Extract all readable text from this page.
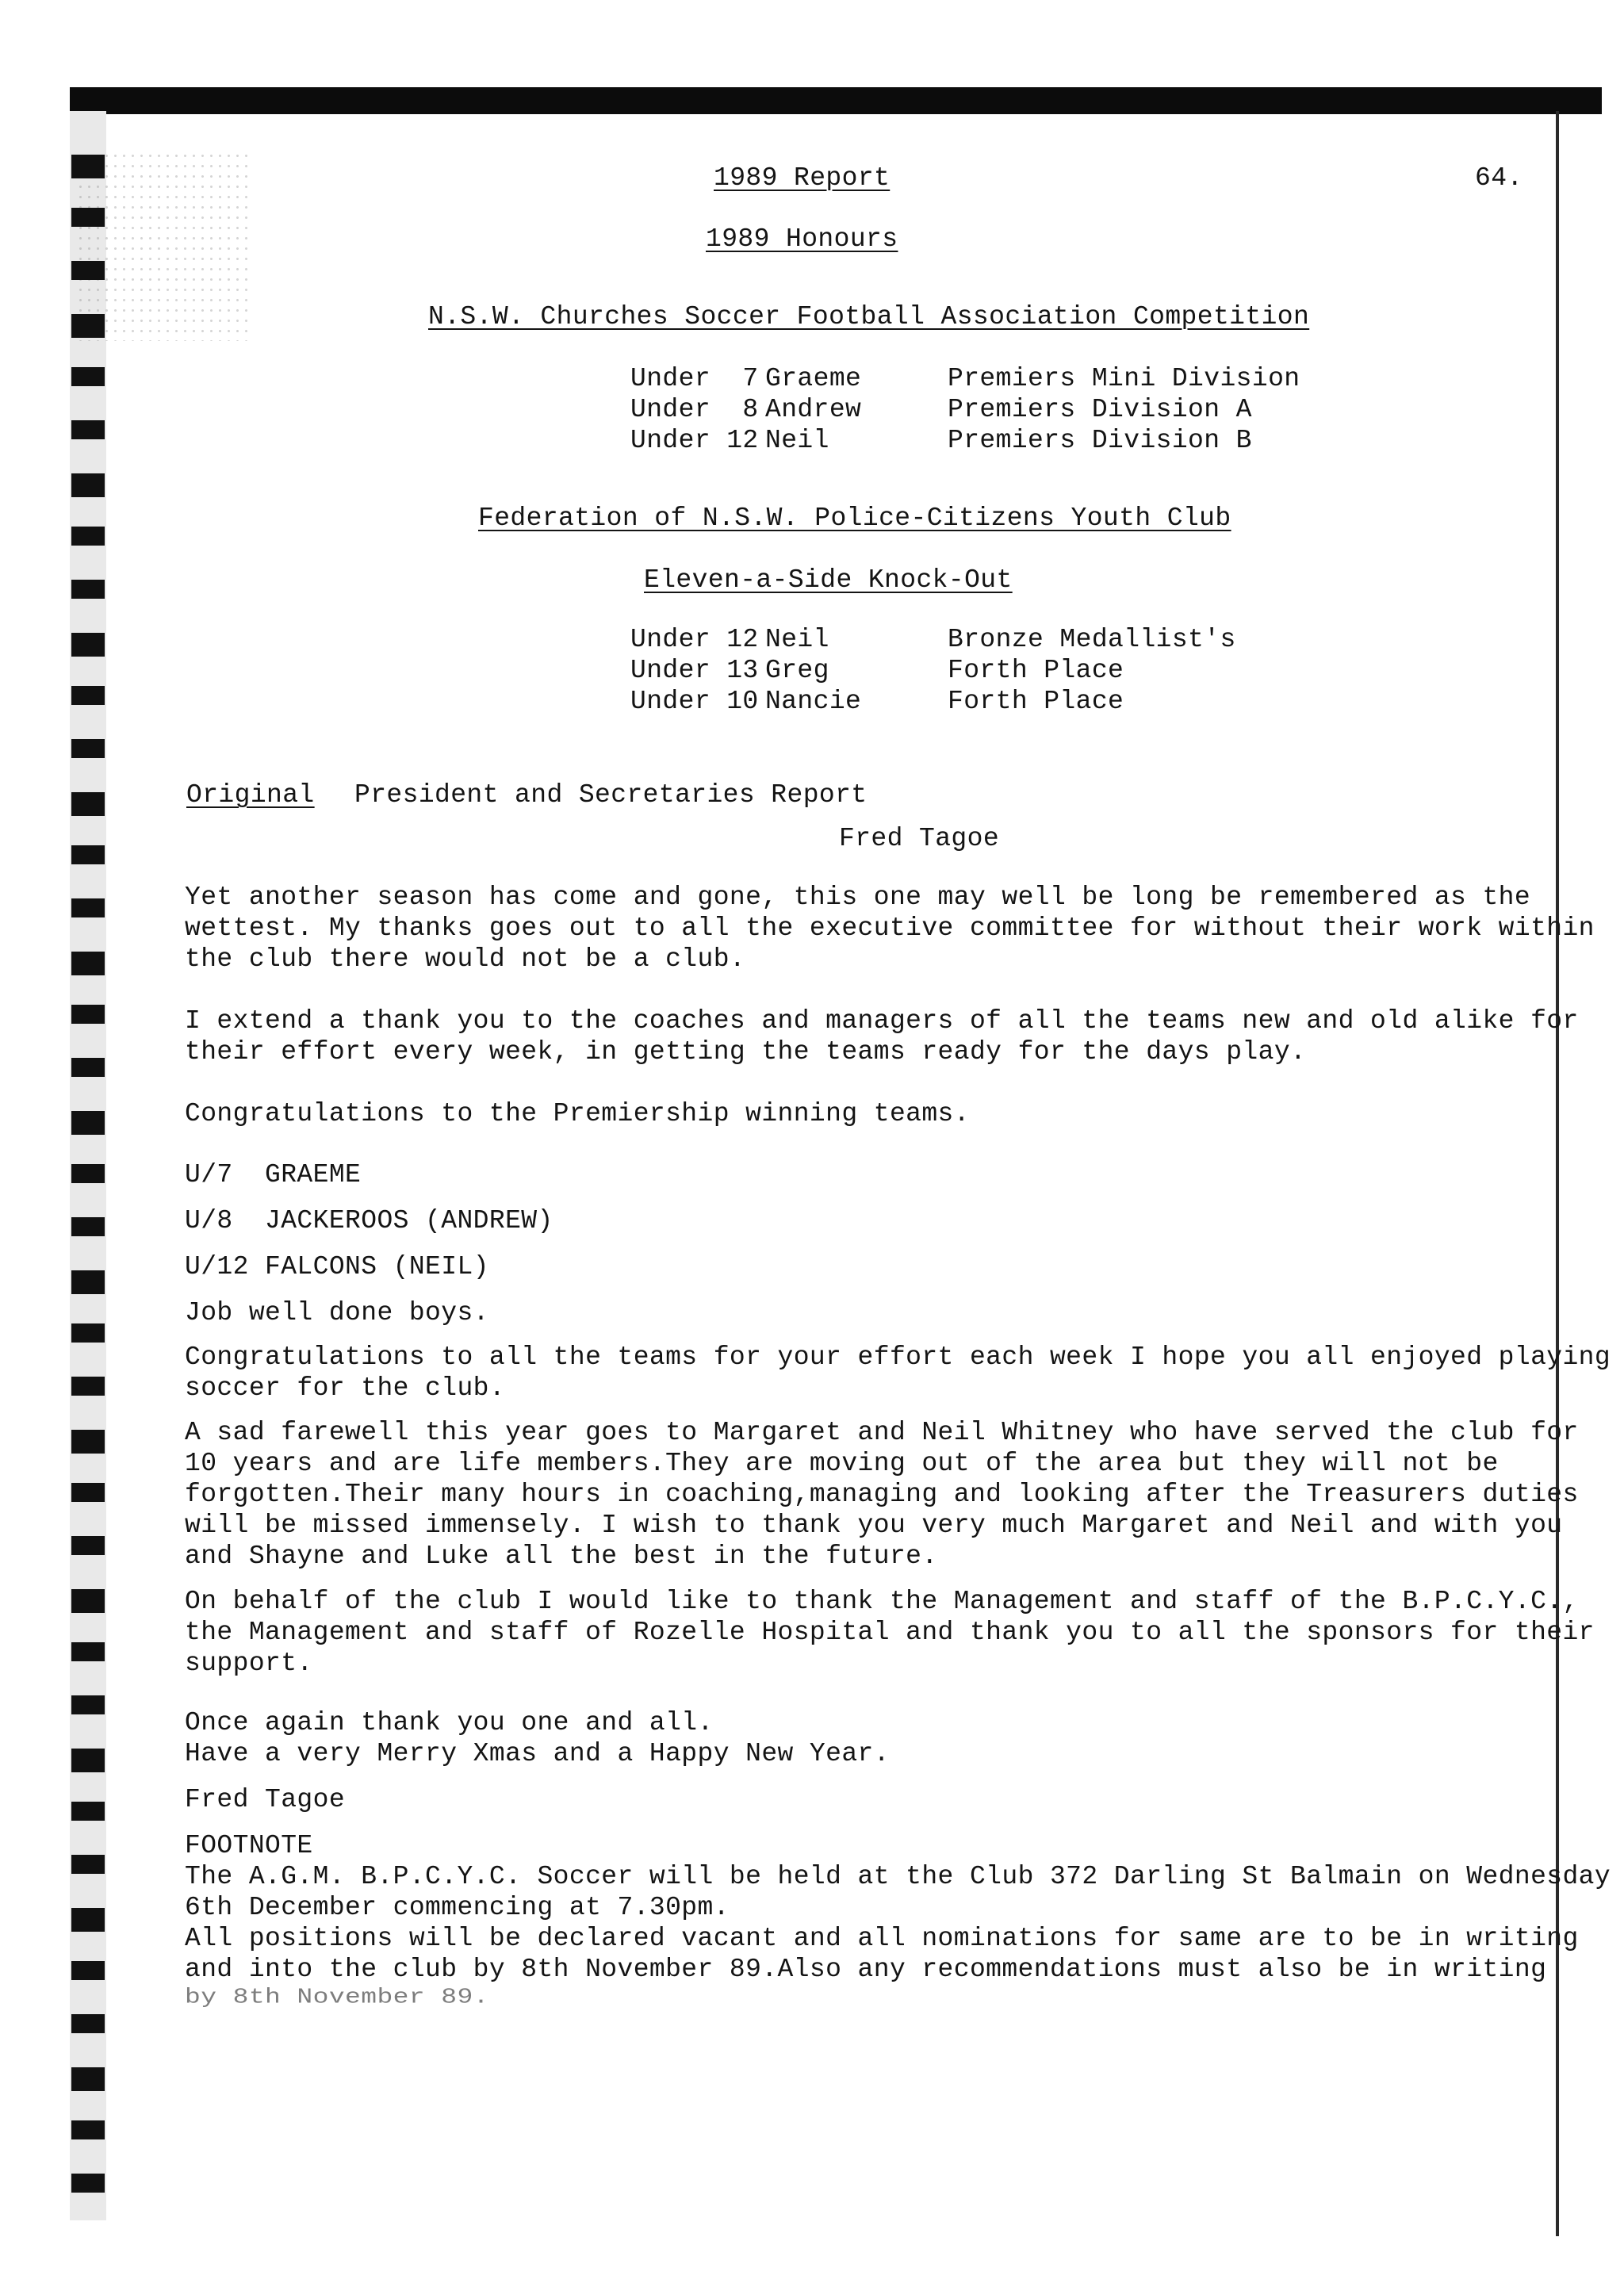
1989 Report	64.
1989 Honours
N.S.W. Churches Soccer Football Association Competition
Under  7 Graeme	Premiers Mini Division
Under  8 Andrew	Premiers Division A
Under 12 Neil	Premiers Division B
Federation of N.S.W. Police-Citizens Youth Club
Eleven-a-Side Knock-Out
Under 12 Neil	Bronze Medallist's
Under 13 Greg	Forth Place
Under 10 Nancie	Forth Place
Original President and Secretaries Report
Fred Tagoe
Yet another season has come and gone, this one may well be long be remembered as the
wettest. My thanks goes out to all the executive committee for without their work within
the club there would not be a club.
I extend a thank you to the coaches and managers of all the teams new and old alike for
their effort every week, in getting the teams ready for the days play.
Congratulations to the Premiership winning teams.
U/7  GRAEME
U/8  JACKEROOS (ANDREW)
U/12 FALCONS (NEIL)
Job well done boys.
Congratulations to all the teams for your effort each week I hope you all enjoyed playing
soccer for the club.
A sad farewell this year goes to Margaret and Neil Whitney who have served the club for
10 years and are life members.They are moving out of the area but they will not be
forgotten.Their many hours in coaching,managing and looking after the Treasurers duties
will be missed immensely. I wish to thank you very much Margaret and Neil and with you
and Shayne and Luke all the best in the future.
On behalf of the club I would like to thank the Management and staff of the B.P.C.Y.C.,
the Management and staff of Rozelle Hospital and thank you to all the sponsors for their
support.
Once again thank you one and all.
Have a very Merry Xmas and a Happy New Year.
Fred Tagoe
FOOTNOTE
The A.G.M. B.P.C.Y.C. Soccer will be held at the Club 372 Darling St Balmain on Wednesday
6th December commencing at 7.30pm.
All positions will be declared vacant and all nominations for same are to be in writing
and into the club by 8th November 89.Also any recommendations must also be in writing
by 8th November 89.
